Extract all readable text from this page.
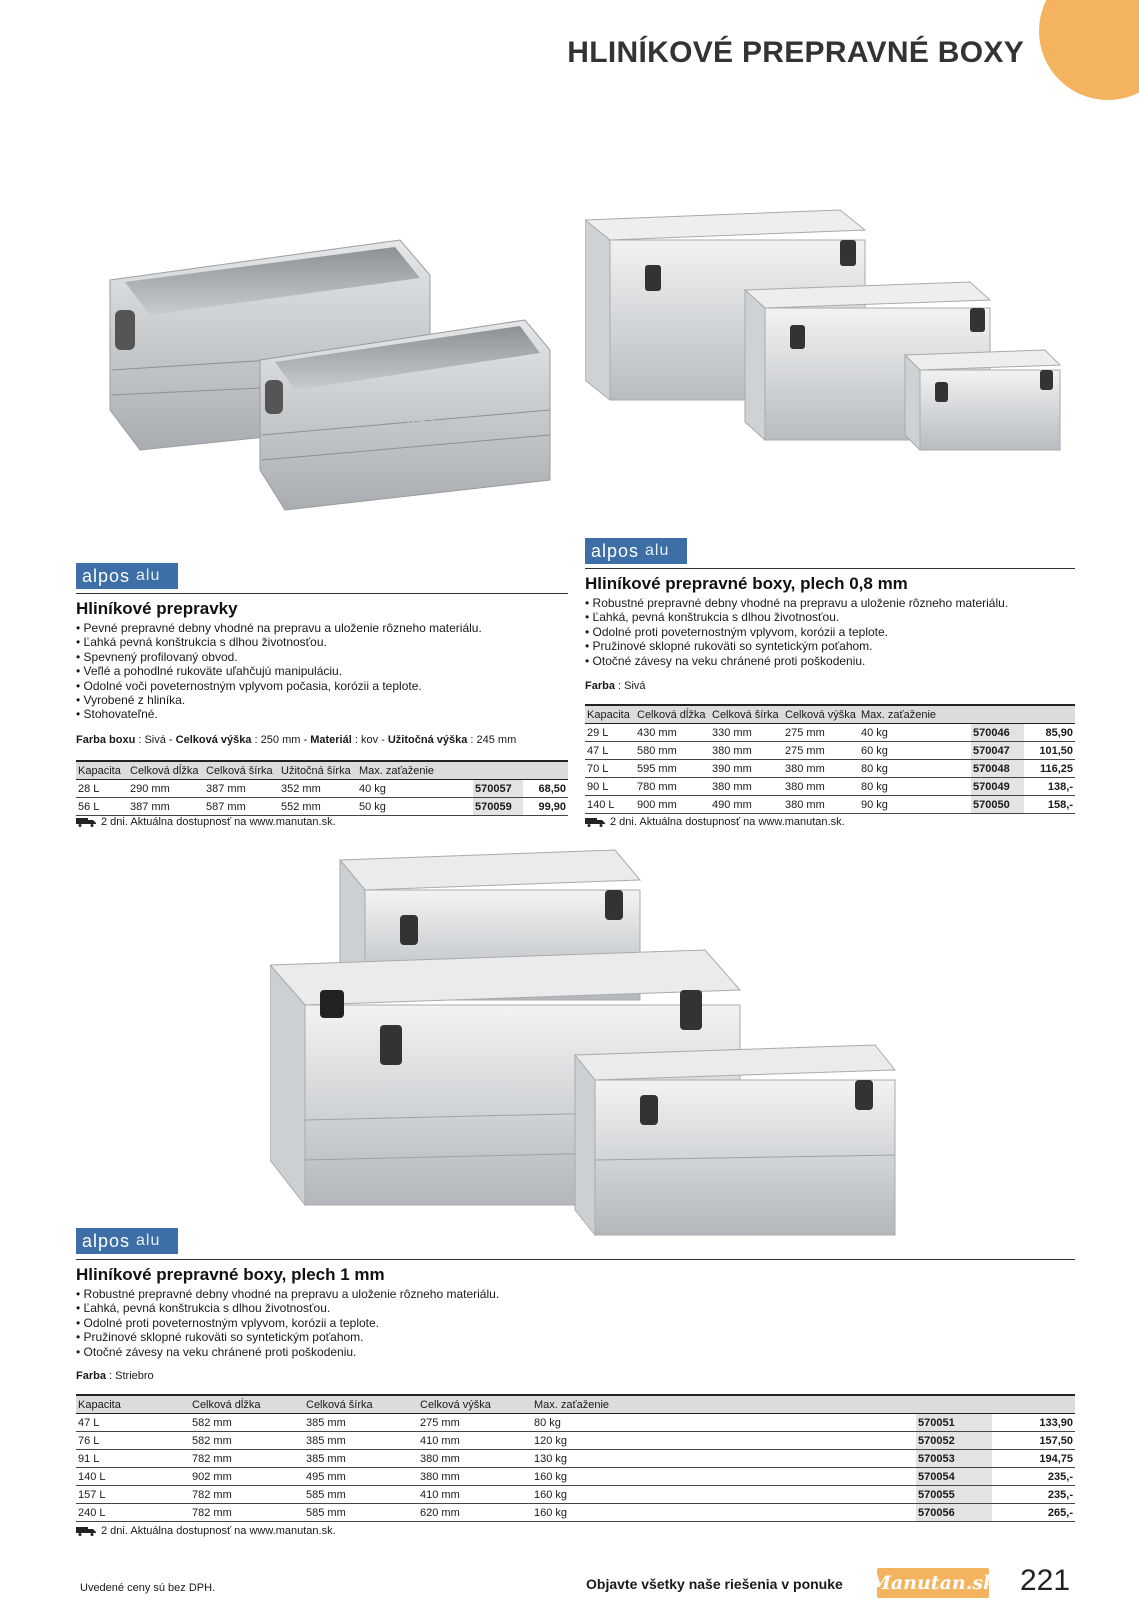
HLINÍKOVÉ PREPRAVNÉ BOXY
alpos
alpos alu
Hliníkové prepravné boxy, plech 0,8 mm
• Robustné prepravné debny vhodné na prepravu a uloženie rôzneho materiálu.
• Ľahká, pevná konštrukcia s dlhou životnosťou.
• Odolné proti poveternostným vplyvom, korózii a teplote.
• Pružinové sklopné rukoväti so syntetickým poťahom.
• Otočné závesy na veku chránené proti poškodeniu.
Farba : Sivá
Kapacita	Celková dĺžka	Celková šírka	Celková výška	Max. zaťaženie		
29 L	430 mm	330 mm	275 mm	40 kg	570046	85,90
47 L	580 mm	380 mm	275 mm	60 kg	570047	101,50
70 L	595 mm	390 mm	380 mm	80 kg	570048	116,25
90 L	780 mm	380 mm	380 mm	80 kg	570049	138,-
140 L	900 mm	490 mm	380 mm	90 kg	570050	158,-
2 dni. Aktuálna dostupnosť na www.manutan.sk.
alpos alu
Hliníkové prepravky
• Pevné prepravné debny vhodné na prepravu a uloženie rôzneho materiálu.
• Ľahká pevná konštrukcia s dlhou životnosťou.
• Spevnený profilovaný obvod.
• Veľlé a pohodlné rukoväte uľahčujú manipuláciu.
• Odolné voči poveternostným vplyvom počasia, korózii a teplote.
• Vyrobené z hliníka.
• Stohovateľné.
Farba boxu : Sivá - Celková výška : 250 mm - Materiál : kov - Užitočná výška : 245 mm
Kapacita	Celková dĺžka	Celková šírka	Užitočná šírka	Max. zaťaženie		
28 L	290 mm	387 mm	352 mm	40 kg	570057	68,50
56 L	387 mm	587 mm	552 mm	50 kg	570059	99,90
2 dni. Aktuálna dostupnosť na www.manutan.sk.
alpos alu
Hliníkové prepravné boxy, plech 1 mm
• Robustné prepravné debny vhodné na prepravu a uloženie rôzneho materiálu.
• Ľahká, pevná konštrukcia s dlhou životnosťou.
• Odolné proti poveternostným vplyvom, korózii a teplote.
• Pružinové sklopné rukoväti so syntetickým poťahom.
• Otočné závesy na veku chránené proti poškodeniu.
Farba : Striebro
Kapacita	Celková dĺžka	Celková šírka	Celková výška	Max. zaťaženie		
47 L	582 mm	385 mm	275 mm	80 kg	570051	133,90
76 L	582 mm	385 mm	410 mm	120 kg	570052	157,50
91 L	782 mm	385 mm	380 mm	130 kg	570053	194,75
140 L	902 mm	495 mm	380 mm	160 kg	570054	235,-
157 L	782 mm	585 mm	410 mm	160 kg	570055	235,-
240 L	782 mm	585 mm	620 mm	160 kg	570056	265,-
2 dni. Aktuálna dostupnosť na www.manutan.sk.
Uvedené ceny sú bez DPH.	Objavte všetky naše riešenia v ponuke Manutan.sk 221
